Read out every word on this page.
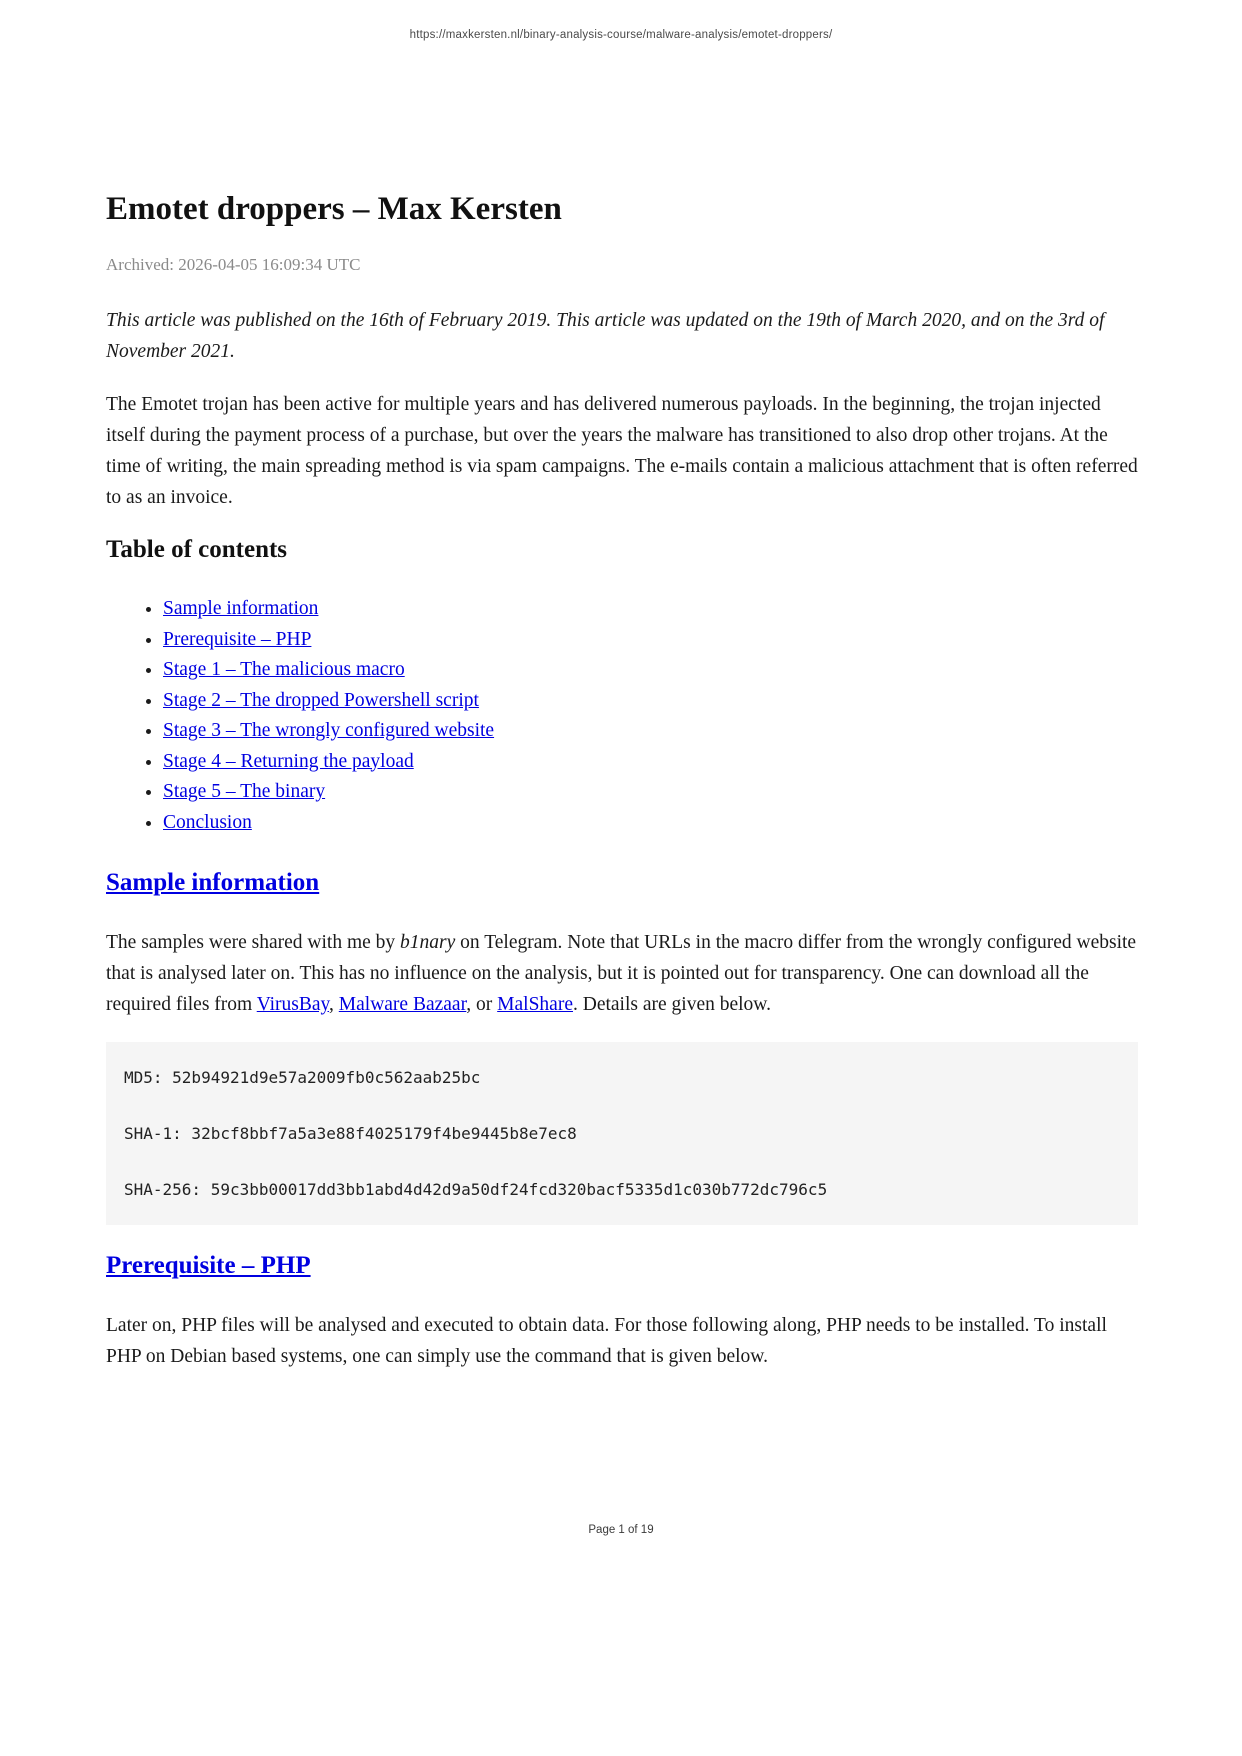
https://maxkersten.nl/binary-analysis-course/malware-analysis/emotet-droppers/
Emotet droppers – Max Kersten

Archived: 2026-04-05 16:09:34 UTC

This article was published on the 16th of February 2019. This article was updated on the 19th of March 2020, and on the 3rd of November 2021.

The Emotet trojan has been active for multiple years and has delivered numerous payloads. In the beginning, the trojan injected itself during the payment process of a purchase, but over the years the malware has transitioned to also drop other trojans. At the time of writing, the main spreading method is via spam campaigns. The e-mails contain a malicious attachment that is often referred to as an invoice.

Table of contents
• Sample information
• Prerequisite – PHP
• Stage 1 – The malicious macro
• Stage 2 – The dropped Powershell script
• Stage 3 – The wrongly configured website
• Stage 4 – Returning the payload
• Stage 5 – The binary
• Conclusion
Sample information

The samples were shared with me by b1nary on Telegram. Note that URLs in the macro differ from the wrongly configured website that is analysed later on. This has no influence on the analysis, but it is pointed out for transparency. One can download all the required files from VirusBay, Malware Bazaar, or MalShare. Details are given below.

MD5: 52b94921d9e57a2009fb0c562aab25bc

SHA-1: 32bcf8bbf7a5a3e88f4025179f4be9445b8e7ec8

SHA-256: 59c3bb00017dd3bb1abd4d42d9a50df24fcd320bacf5335d1c030b772dc796c5

Prerequisite – PHP

Later on, PHP files will be analysed and executed to obtain data. For those following along, PHP needs to be installed. To install PHP on Debian based systems, one can simply use the command that is given below.

Page 1 of 19
